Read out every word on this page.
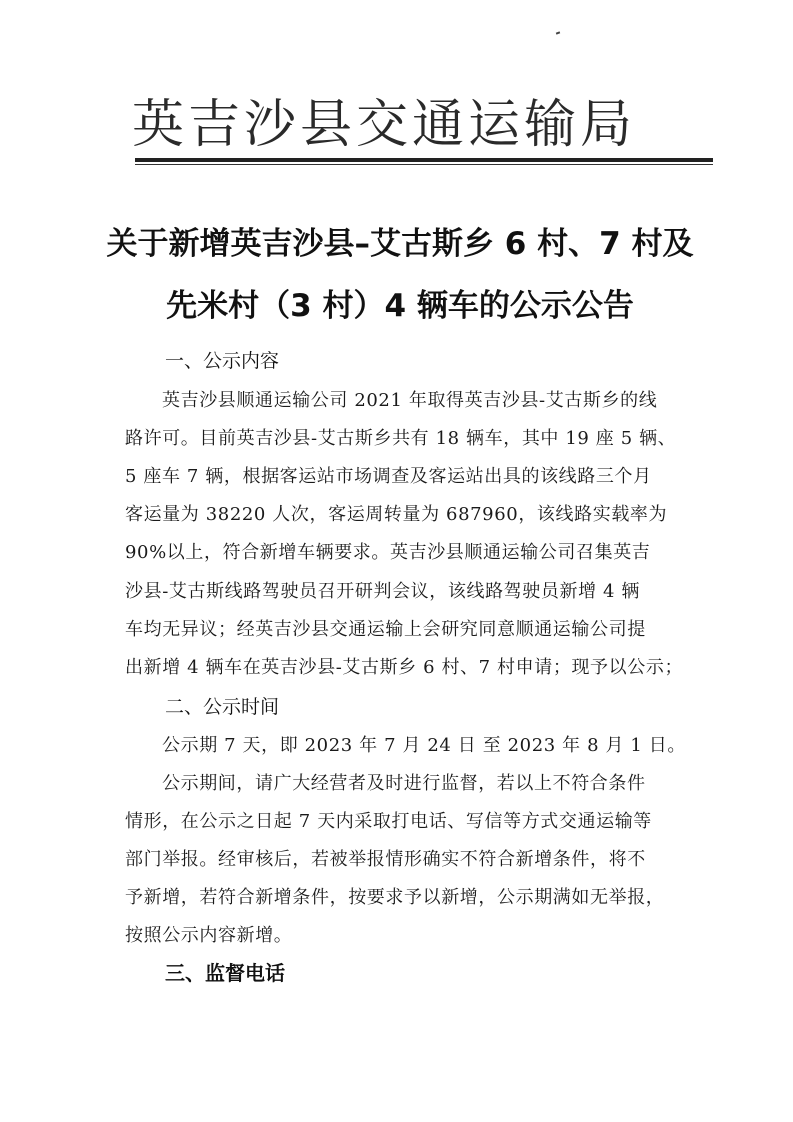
英吉沙县交通运输局
关于新增英吉沙县–艾古斯乡 6 村、7 村及
先米村（3 村）4 辆车的公示公告
一、公示内容
英吉沙县顺通运输公司 2021 年取得英吉沙县-艾古斯乡的线
路许可。目前英吉沙县-艾古斯乡共有 18 辆车，其中 19 座 5 辆、
5 座车 7 辆，根据客运站市场调查及客运站出具的该线路三个月
客运量为 38220 人次，客运周转量为 687960，该线路实载率为
90%以上，符合新增车辆要求。英吉沙县顺通运输公司召集英吉
沙县-艾古斯线路驾驶员召开研判会议，该线路驾驶员新增 4 辆
车均无异议；经英吉沙县交通运输上会研究同意顺通运输公司提
出新增 4 辆车在英吉沙县-艾古斯乡 6 村、7 村申请；现予以公示；
二、公示时间
公示期 7 天，即 2023 年 7 月 24 日 至 2023 年 8 月 1 日。
公示期间，请广大经营者及时进行监督，若以上不符合条件
情形，在公示之日起 7 天内采取打电话、写信等方式交通运输等
部门举报。经审核后，若被举报情形确实不符合新增条件，将不
予新增，若符合新增条件，按要求予以新增，公示期满如无举报，
按照公示内容新增。
三、监督电话
